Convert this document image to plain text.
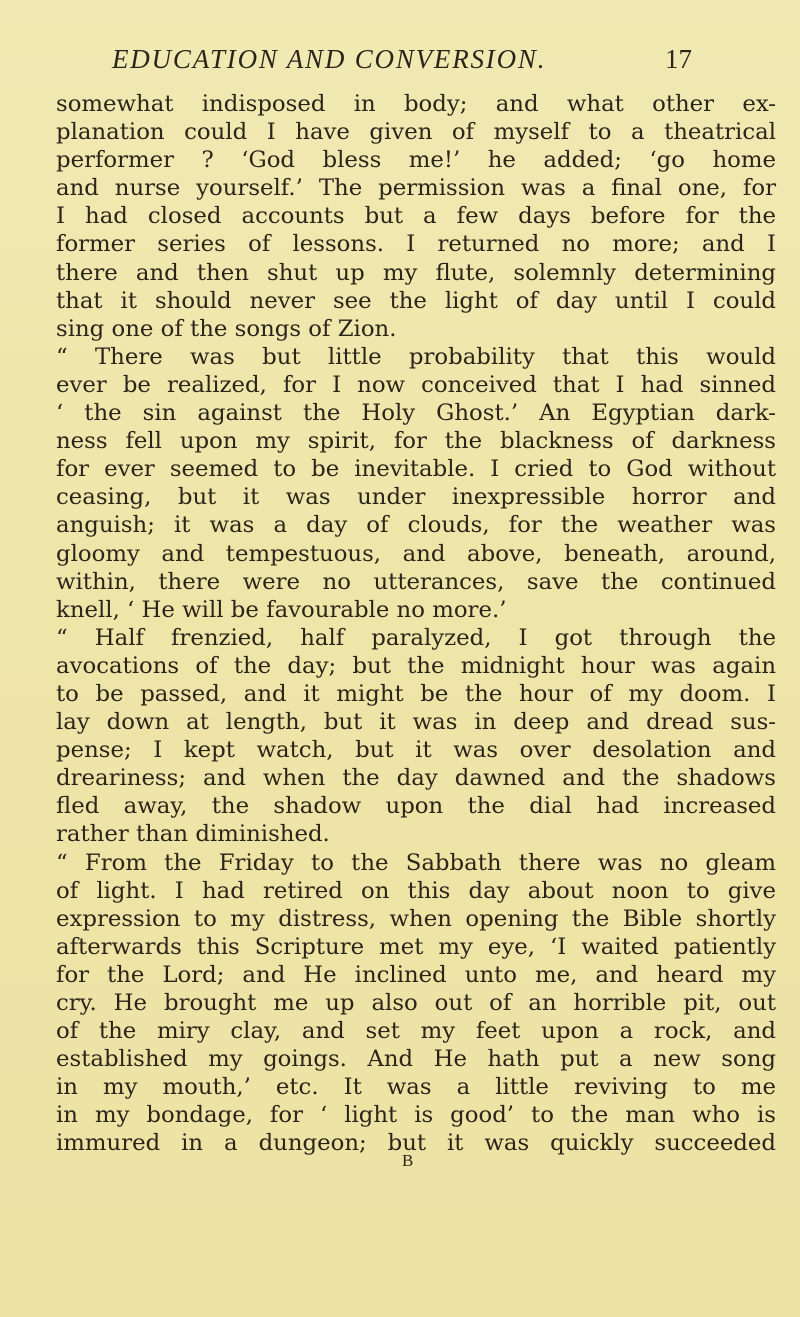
EDUCATION AND CONVERSION.	17
somewhat indisposed in body; and what other ex-
planation could I have given of myself to a theatrical
performer ? ‘God bless me!’ he added; ‘go home
and nurse yourself.’ The permission was a final one, for
I had closed accounts but a few days before for the
former series of lessons. I returned no more; and I
there and then shut up my flute, solemnly determining
that it should never see the light of day until I could
sing one of the songs of Zion.
“ There was but little probability that this would
ever be realized, for I now conceived that I had sinned
‘ the sin against the Holy Ghost.’ An Egyptian dark-
ness fell upon my spirit, for the blackness of darkness
for ever seemed to be inevitable. I cried to God without
ceasing, but it was under inexpressible horror and
anguish; it was a day of clouds, for the weather was
gloomy and tempestuous, and above, beneath, around,
within, there were no utterances, save the continued
knell, ‘ He will be favourable no more.’
“ Half frenzied, half paralyzed, I got through the
avocations of the day; but the midnight hour was again
to be passed, and it might be the hour of my doom. I
lay down at length, but it was in deep and dread sus-
pense; I kept watch, but it was over desolation and
dreariness; and when the day dawned and the shadows
fled away, the shadow upon the dial had increased
rather than diminished.
“ From the Friday to the Sabbath there was no gleam
of light. I had retired on this day about noon to give
expression to my distress, when opening the Bible shortly
afterwards this Scripture met my eye, ‘I waited patiently
for the Lord; and He inclined unto me, and heard my
cry. He brought me up also out of an horrible pit, out
of the miry clay, and set my feet upon a rock, and
established my goings. And He hath put a new song
in my mouth,’ etc. It was a little reviving to me
in my bondage, for ‘ light is good’ to the man who is
immured in a dungeon; but it was quickly succeeded
B
